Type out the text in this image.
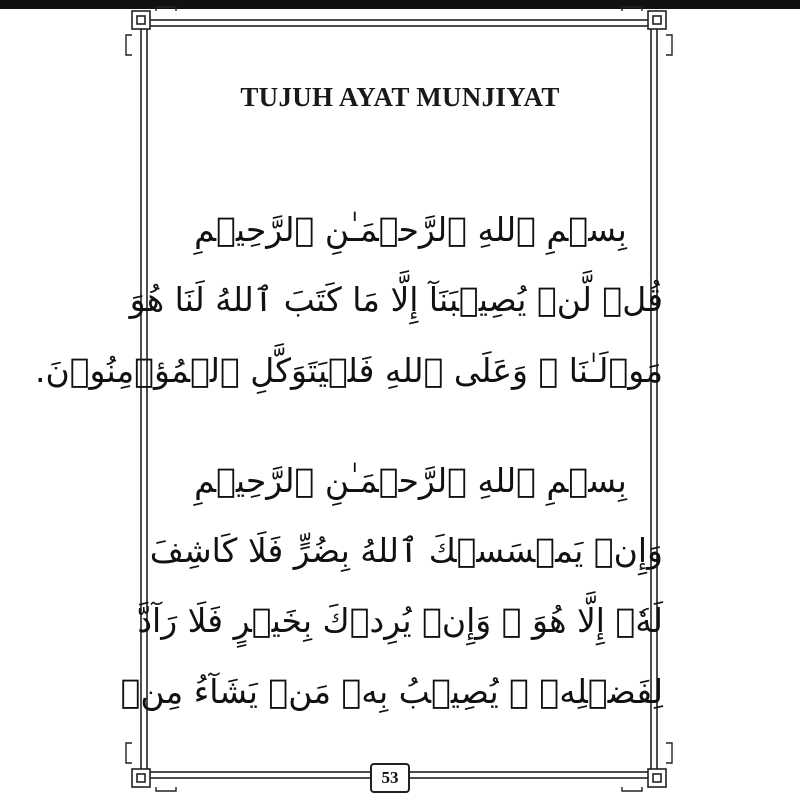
TUJUH AYAT MUNJIYAT
بِسۡمِ ٱللهِ ٱلرَّحۡمَـٰنِ ٱلرَّحِيۡمِ
قُلۡ لَّنۡ يُصِيۡبَنَآ إِلَّا مَا كَتَبَ ٱللهُ لَنَا هُوَ
مَوۡلَـٰنَا ۚ وَعَلَى ٱللهِ فَلۡيَتَوَكَّلِ ٱلۡمُؤۡمِنُوۡنَ.
بِسۡمِ ٱللهِ ٱلرَّحۡمَـٰنِ ٱلرَّحِيۡمِ
وَإِنۡ يَمۡسَسۡكَ ٱللهُ بِضُرٍّ فَلَا كَاشِفَ
لَهٗۤ إِلَّا هُوَ ۖ وَإِنۡ يُرِدۡكَ بِخَيۡرٍ فَلَا رَآدَّ
لِفَضۡلِهٖ ۚ يُصِيۡبُ بِهٖ مَنۡ يَشَآءُ مِنۡ
53
